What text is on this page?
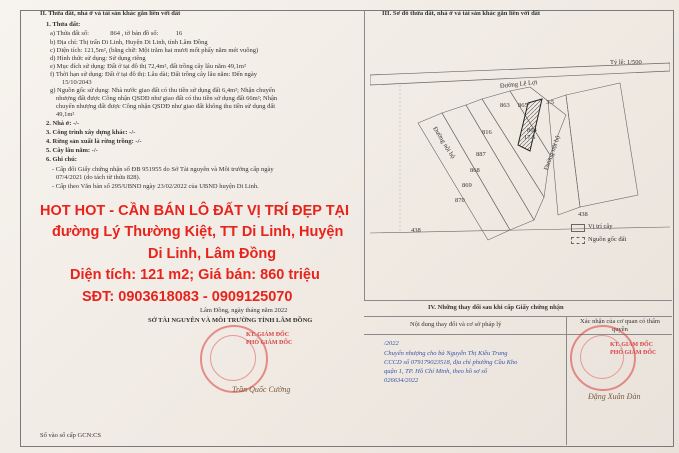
II. Thửa đất, nhà ở và tài sản khác gắn liền với đất
1. Thửa đất:
a) Thửa đất số:	864 , tờ bản đồ số:	16
b) Địa chỉ: Thị trấn Di Linh, Huyện Di Linh, tỉnh Lâm Đồng
c) Diện tích: 121,5m², (bằng chữ: Một trăm hai mươi mốt phẩy năm mét vuông)
d) Hình thức sử dụng: Sử dụng riêng
e) Mục đích sử dụng: Đất ở tại đô thị 72,4m², đất trồng cây lâu năm 49,1m²
f) Thời hạn sử dụng: Đất ở tại đô thị: Lâu dài; Đất trồng cây lâu năm: Đến ngày
15/10/2043
g) Nguồn gốc sử dụng: Nhà nước giao đất có thu tiền sử dụng đất 6,4m²; Nhận chuyển
nhượng đất được Công nhận QSDĐ như giao đất có thu tiền sử dụng đất 66m²; Nhận
chuyển nhượng đất được Công nhận QSDĐ như giao đất không thu tiền sử dụng đất
49,1m²
2. Nhà ở: -/-
3. Công trình xây dựng khác: -/-
4. Rừng sản xuất là rừng trồng: -/-
5. Cây lâu năm: -/-
6. Ghi chú:
- Cấp đổi Giấy chứng nhận số ĐB 951955 do Sở Tài nguyên và Môi trường cấp ngày
07/4/2021 (do tách từ thửa 828).
- Cấp theo Văn bản số 295/UBND ngày 23/02/2022 của UBND huyện Di Linh.
HOT HOT - CẦN BÁN LÔ ĐẤT VỊ TRÍ ĐẸP TẠI
đường Lý Thường Kiệt, TT Di Linh, Huyện
Di Linh, Lâm Đồng
Diện tích: 121 m2; Giá bán: 860 triệu
SĐT: 0903618083 - 0909125070
Lâm Đồng, ngày tháng năm 2022
SỞ TÀI NGUYÊN VÀ MÔI TRƯỜNG TỈNH LÂM ĐỒNG
KT. GIÁM ĐỐC
PHÓ GIÁM ĐỐC
Trần Quốc Cường
Số vào sổ cấp GCN:CS
III. Sơ đồ thửa đất, nhà ở và tài sản khác gắn liền với đất
Tỷ lệ: 1/500
Đường Lê Lợi
Đường nội bộ	Đường nội bộ
863 865
816	864
887
868
869
870
438
438
3.5
17.5
Vị trí cây
Nguồn gốc đất
IV. Những thay đổi sau khi cấp Giấy chứng nhận
Nội dung thay đổi và cơ sở pháp lý	Xác nhận của cơ quan có thẩm quyền
/2022
Chuyển nhượng cho bà Nguyễn Thị Kiều Trang
CCCD số 079179023518, địa chỉ phường Cầu Kho
quận 1, TP. Hồ Chí Minh, theo hồ sơ số
026634/2022
KT. GIÁM ĐỐC
PHÓ GIÁM ĐỐC
Đặng Xuân Đàn
